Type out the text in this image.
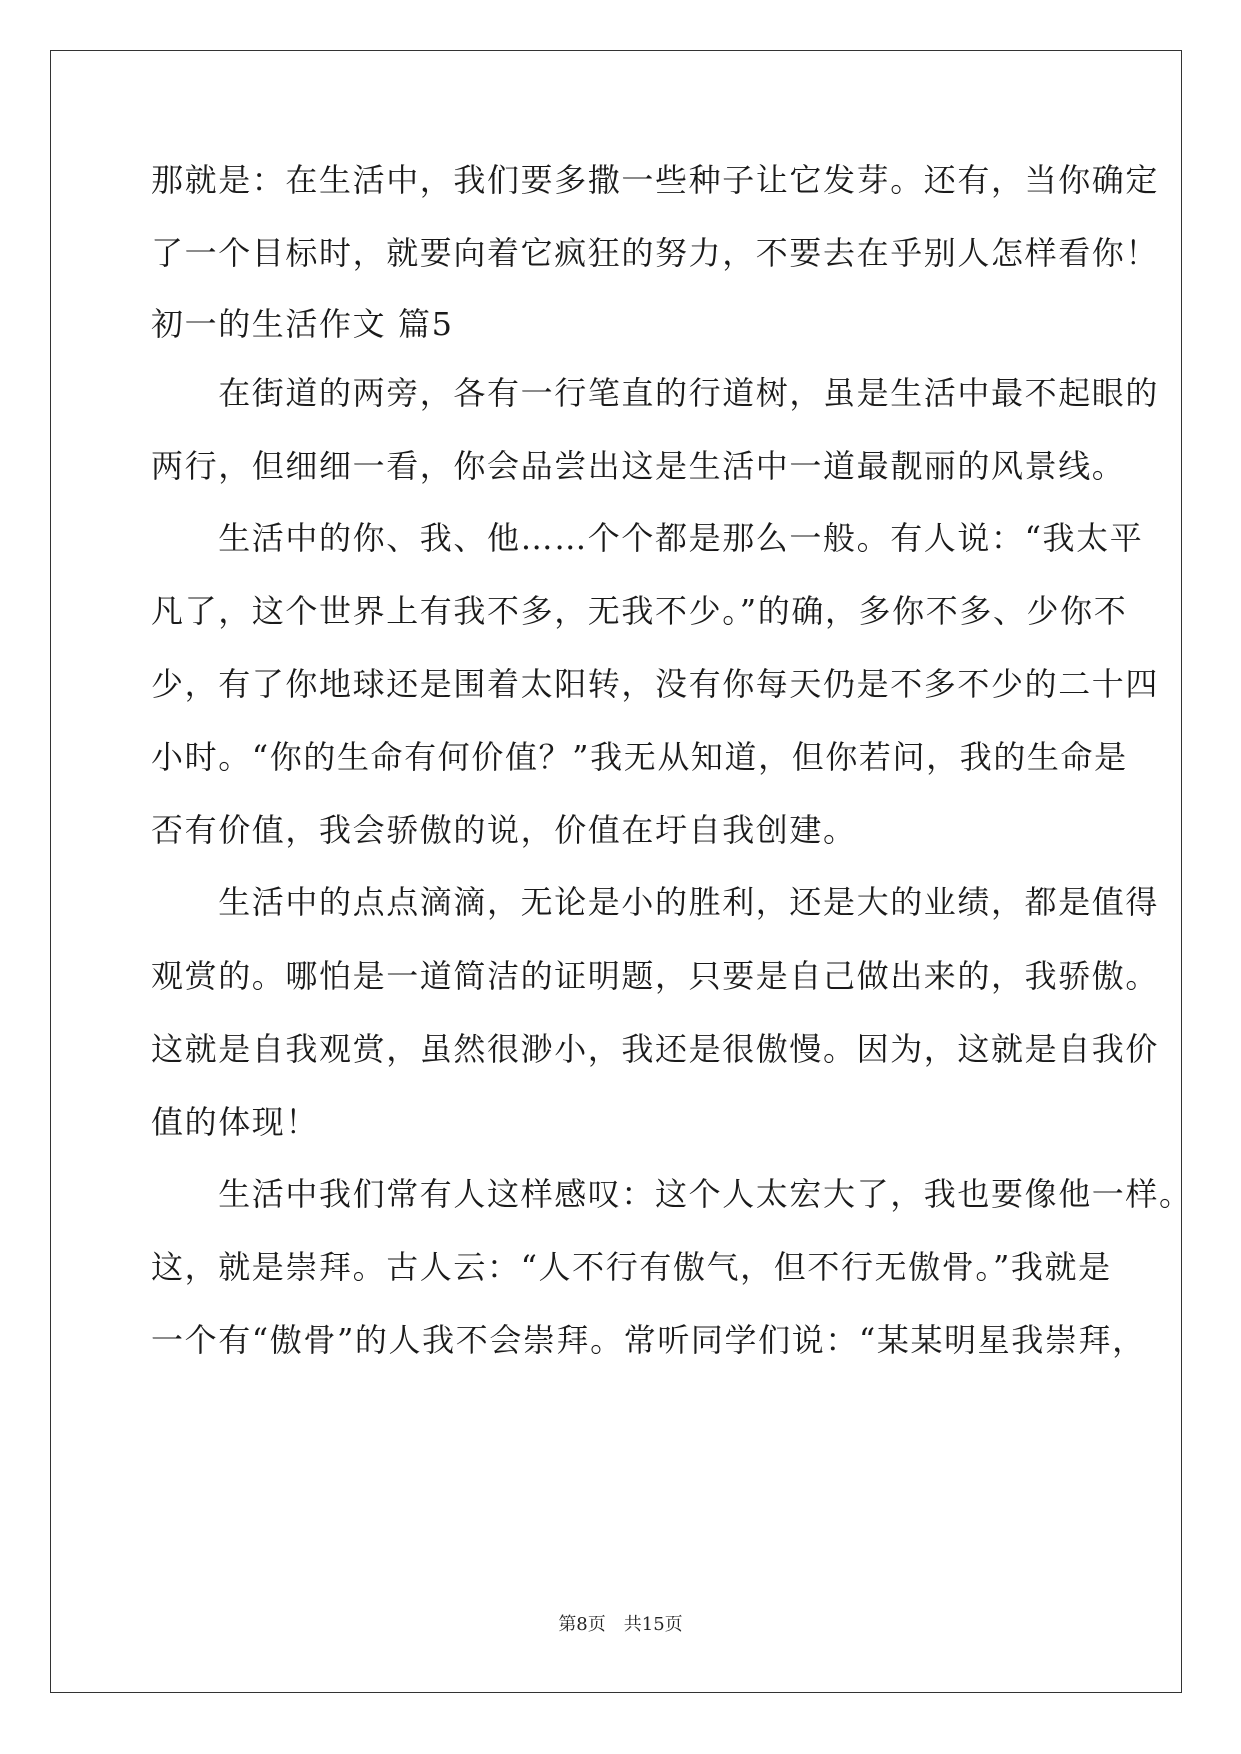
那就是：在生活中，我们要多撒一些种子让它发芽。还有，当你确定
了一个目标时，就要向着它疯狂的努力，不要去在乎别人怎样看你！
初一的生活作文 篇5
　　在街道的两旁，各有一行笔直的行道树，虽是生活中最不起眼的
两行，但细细一看，你会品尝出这是生活中一道最靓丽的风景线。
　　生活中的你、我、他……个个都是那么一般。有人说：“我太平
凡了，这个世界上有我不多，无我不少。”的确，多你不多、少你不
少，有了你地球还是围着太阳转，没有你每天仍是不多不少的二十四
小时。“你的生命有何价值？”我无从知道，但你若问，我的生命是
否有价值，我会骄傲的说，价值在圩自我创建。
　　生活中的点点滴滴，无论是小的胜利，还是大的业绩，都是值得
观赏的。哪怕是一道简洁的证明题，只要是自己做出来的，我骄傲。
这就是自我观赏，虽然很渺小，我还是很傲慢。因为，这就是自我价
值的体现！
　　生活中我们常有人这样感叹：这个人太宏大了，我也要像他一样。
这，就是崇拜。古人云：“人不行有傲气，但不行无傲骨。”我就是
一个有“傲骨”的人我不会崇拜。常听同学们说：“某某明星我崇拜，
第8页 共15页
